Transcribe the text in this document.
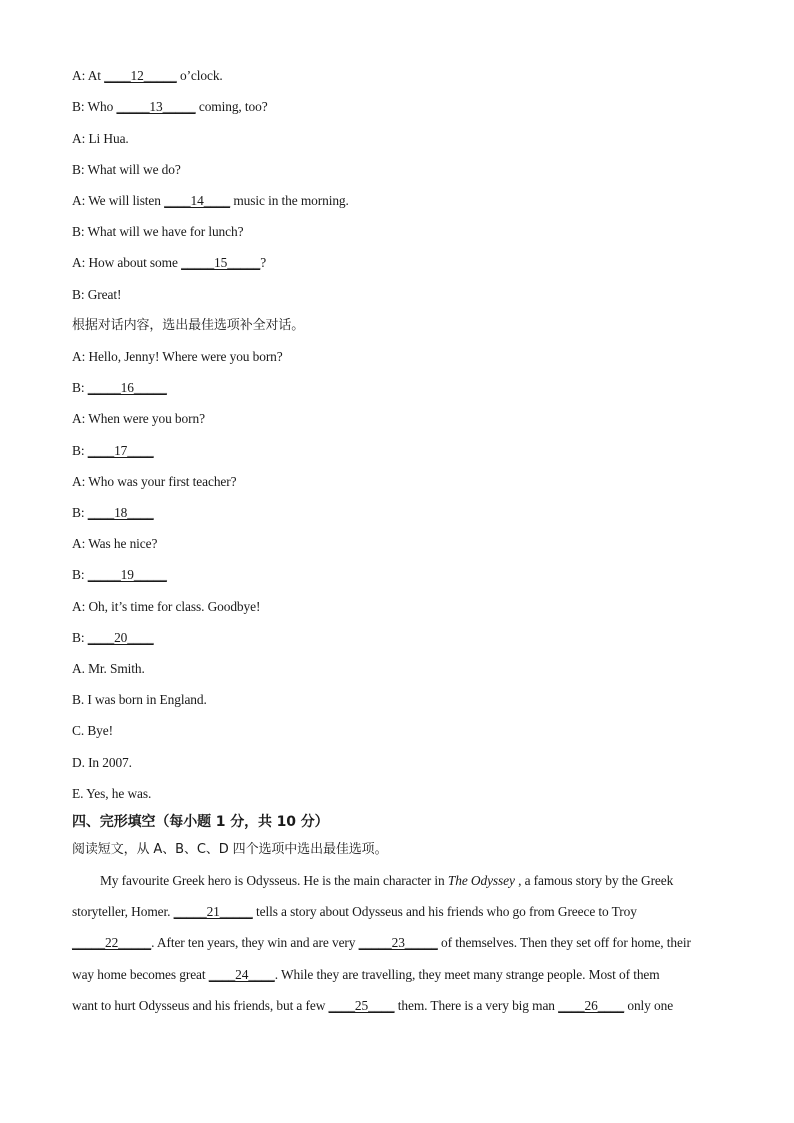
A: At ____12_____ o’clock.
B: Who _____13_____ coming, too?
A: Li Hua.
B: What will we do?
A: We will listen ____14____ music in the morning.
B: What will we have for lunch?
A: How about some _____15_____?
B: Great!
根据对话内容，选出最佳选项补全对话。
A: Hello, Jenny! Where were you born?
B: _____16_____
A: When were you born?
B: ____17____
A: Who was your first teacher?
B: ____18____
A: Was he nice?
B: _____19_____
A: Oh, it’s time for class. Goodbye!
B: ____20____
A. Mr. Smith.
B. I was born in England.
C. Bye!
D. In 2007.
E. Yes, he was.
四、完形填空（每小题 1 分，共 10 分）
阅读短文，从 A、B、C、D 四个选项中选出最佳选项。
My favourite Greek hero is Odysseus. He is the main character in The Odyssey , a famous story by the Greek
storyteller, Homer. _____21_____ tells a story about Odysseus and his friends who go from Greece to Troy
_____22_____. After ten years, they win and are very _____23_____ of themselves. Then they set off for home, their
way home becomes great ____24____. While they are travelling, they meet many strange people. Most of them
want to hurt Odysseus and his friends, but a few ____25____ them. There is a very big man ____26____ only one
